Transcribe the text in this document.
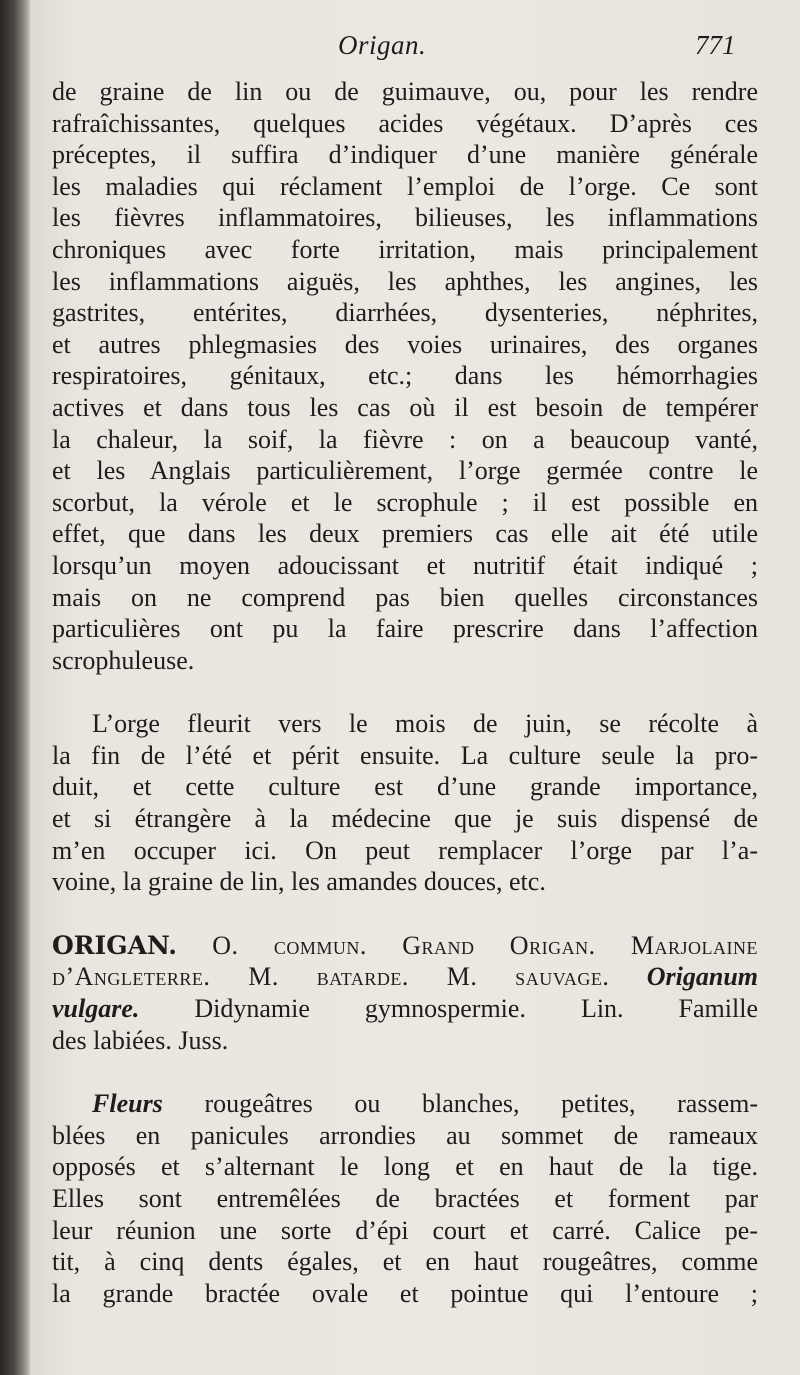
Origan.	771
de graine de lin ou de guimauve, ou, pour les rendre
rafraîchissantes, quelques acides végétaux. D’après ces
préceptes, il suffira d’indiquer d’une manière générale
les maladies qui réclament l’emploi de l’orge. Ce sont
les fièvres inflammatoires, bilieuses, les inflammations
chroniques avec forte irritation, mais principalement
les inflammations aiguës, les aphthes, les angines, les
gastrites, entérites, diarrhées, dysenteries, néphrites,
et autres phlegmasies des voies urinaires, des organes
respiratoires, génitaux, etc.; dans les hémorrhagies
actives et dans tous les cas où il est besoin de tempérer
la chaleur, la soif, la fièvre : on a beaucoup vanté,
et les Anglais particulièrement, l’orge germée contre le
scorbut, la vérole et le scrophule ; il est possible en
effet, que dans les deux premiers cas elle ait été utile
lorsqu’un moyen adoucissant et nutritif était indiqué ;
mais on ne comprend pas bien quelles circonstances
particulières ont pu la faire prescrire dans l’affection
scrophuleuse.
L’orge fleurit vers le mois de juin, se récolte à
la fin de l’été et périt ensuite. La culture seule la pro-
duit, et cette culture est d’une grande importance,
et si étrangère à la médecine que je suis dispensé de
m’en occuper ici. On peut remplacer l’orge par l’a-
voine, la graine de lin, les amandes douces, etc.
ORIGAN. O. commun. Grand Origan. Marjolaine
d’Angleterre. M. batarde. M. sauvage. Origanum
vulgare. Didynamie gymnospermie. Lin. Famille
des labiées. Juss.
Fleurs rougeâtres ou blanches, petites, rassem-
blées en panicules arrondies au sommet de rameaux
opposés et s’alternant le long et en haut de la tige.
Elles sont entremêlées de bractées et forment par
leur réunion une sorte d’épi court et carré. Calice pe-
tit, à cinq dents égales, et en haut rougeâtres, comme
la grande bractée ovale et pointue qui l’entoure ;
